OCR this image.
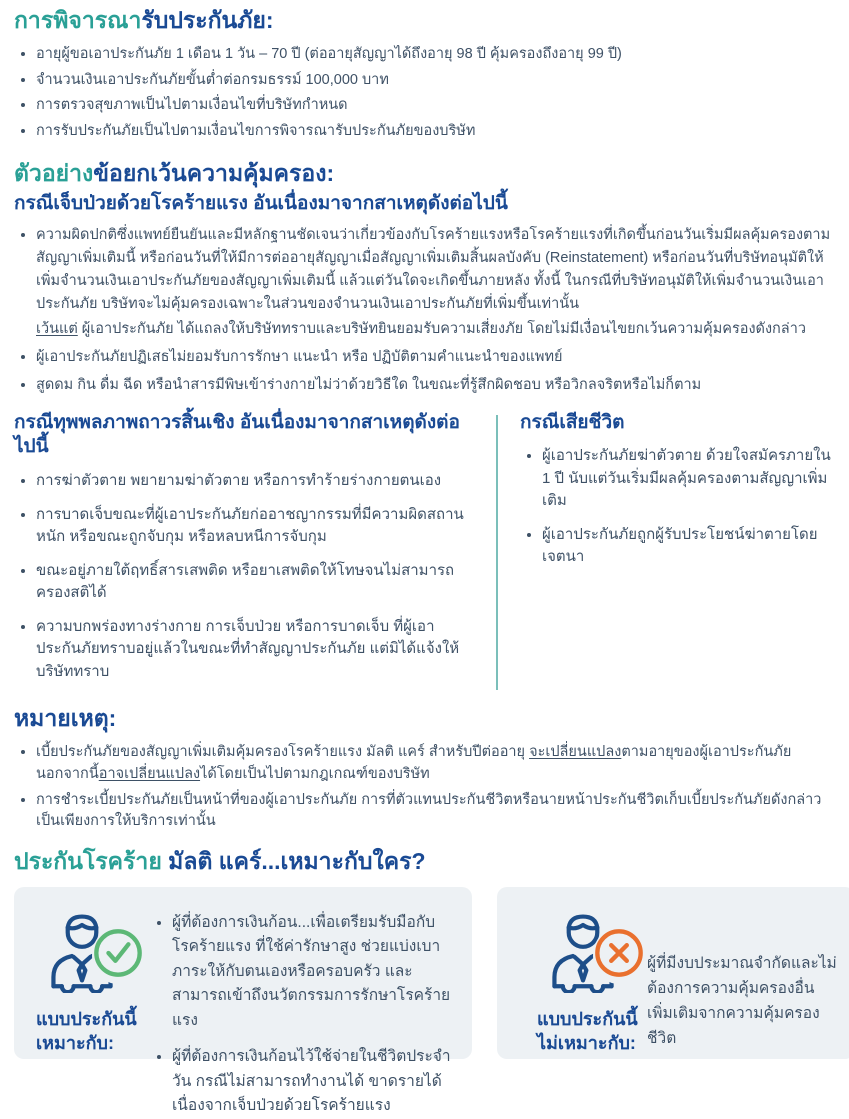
การพิจารณารับประกันภัย:
• อายุผู้ขอเอาประกันภัย 1 เดือน 1 วัน – 70 ปี (ต่ออายุสัญญาได้ถึงอายุ 98 ปี คุ้มครองถึงอายุ 99 ปี)
• จำนวนเงินเอาประกันภัยขั้นต่ำต่อกรมธรรม์ 100,000 บาท
• การตรวจสุขภาพเป็นไปตามเงื่อนไขที่บริษัทกำหนด
• การรับประกันภัยเป็นไปตามเงื่อนไขการพิจารณารับประกันภัยของบริษัท
ตัวอย่างข้อยกเว้นความคุ้มครอง:
กรณีเจ็บป่วยด้วยโรคร้ายแรง อันเนื่องมาจากสาเหตุดังต่อไปนี้
• ความผิดปกติซึ่งแพทย์ยืนยันและมีหลักฐานชัดเจนว่าเกี่ยวข้องกับโรคร้ายแรงหรือโรคร้ายแรงที่เกิดขึ้นก่อนวันเริ่มมีผลคุ้มครองตามสัญญาเพิ่มเติมนี้ หรือก่อนวันที่ให้มีการต่ออายุสัญญาเมื่อสัญญาเพิ่มเติมสิ้นผลบังคับ (Reinstatement) หรือก่อนวันที่บริษัทอนุมัติให้เพิ่มจำนวนเงินเอาประกันภัยของสัญญาเพิ่มเติมนี้ แล้วแต่วันใดจะเกิดขึ้นภายหลัง ทั้งนี้ ในกรณีที่บริษัทอนุมัติให้เพิ่มจำนวนเงินเอาประกันภัย บริษัทจะไม่คุ้มครองเฉพาะในส่วนของจำนวนเงินเอาประกันภัยที่เพิ่มขึ้นเท่านั้น
เว้นแต่ ผู้เอาประกันภัย ได้แถลงให้บริษัททราบและบริษัทยินยอมรับความเสี่ยงภัย โดยไม่มีเงื่อนไขยกเว้นความคุ้มครองดังกล่าว
• ผู้เอาประกันภัยปฏิเสธไม่ยอมรับการรักษา แนะนำ หรือ ปฏิบัติตามคำแนะนำของแพทย์
• สูดดม กิน ดื่ม ฉีด หรือนำสารมีพิษเข้าร่างกายไม่ว่าด้วยวิธีใด ในขณะที่รู้สึกผิดชอบ หรือวิกลจริตหรือไม่ก็ตาม
กรณีทุพพลภาพถาวรสิ้นเชิง อันเนื่องมาจากสาเหตุดังต่อไปนี้
• การฆ่าตัวตาย พยายามฆ่าตัวตาย หรือการทำร้ายร่างกายตนเอง
• การบาดเจ็บขณะที่ผู้เอาประกันภัยก่ออาชญากรรมที่มีความผิดสถานหนัก หรือขณะถูกจับกุม หรือหลบหนีการจับกุม
• ขณะอยู่ภายใต้ฤทธิ์สารเสพติด หรือยาเสพติดให้โทษจนไม่สามารถครองสติได้
• ความบกพร่องทางร่างกาย การเจ็บป่วย หรือการบาดเจ็บ ที่ผู้เอาประกันภัยทราบอยู่แล้วในขณะที่ทำสัญญาประกันภัย แต่มิได้แจ้งให้บริษัททราบ
กรณีเสียชีวิต
• ผู้เอาประกันภัยฆ่าตัวตาย ด้วยใจสมัครภายใน 1 ปี นับแต่วันเริ่มมีผลคุ้มครองตามสัญญาเพิ่มเติม
• ผู้เอาประกันภัยถูกผู้รับประโยชน์ฆ่าตายโดยเจตนา
หมายเหตุ:
• เบี้ยประกันภัยของสัญญาเพิ่มเติมคุ้มครองโรคร้ายแรง มัลติ แคร์ สำหรับปีต่ออายุ จะเปลี่ยนแปลงตามอายุของผู้เอาประกันภัย นอกจากนี้อาจเปลี่ยนแปลงได้โดยเป็นไปตามกฎเกณฑ์ของบริษัท
• การชำระเบี้ยประกันภัยเป็นหน้าที่ของผู้เอาประกันภัย การที่ตัวแทนประกันชีวิตหรือนายหน้าประกันชีวิตเก็บเบี้ยประกันภัยดังกล่าวเป็นเพียงการให้บริการเท่านั้น
ประกันโรคร้าย มัลติ แคร์...เหมาะกับใคร?
แบบประกันนี้
เหมาะกับ:
• ผู้ที่ต้องการเงินก้อน...เพื่อเตรียมรับมือกับโรคร้ายแรง ที่ใช้ค่ารักษาสูง ช่วยแบ่งเบาภาระให้กับตนเองหรือครอบครัว และสามารถเข้าถึงนวัตกรรมการรักษาโรคร้ายแรง
• ผู้ที่ต้องการเงินก้อนไว้ใช้จ่ายในชีวิตประจำวัน กรณีไม่สามารถทำงานได้ ขาดรายได้ เนื่องจากเจ็บป่วยด้วยโรคร้ายแรง
แบบประกันนี้
ไม่เหมาะกับ:
ผู้ที่มีงบประมาณจำกัดและไม่ต้องการความคุ้มครองอื่นเพิ่มเติมจากความคุ้มครองชีวิต
